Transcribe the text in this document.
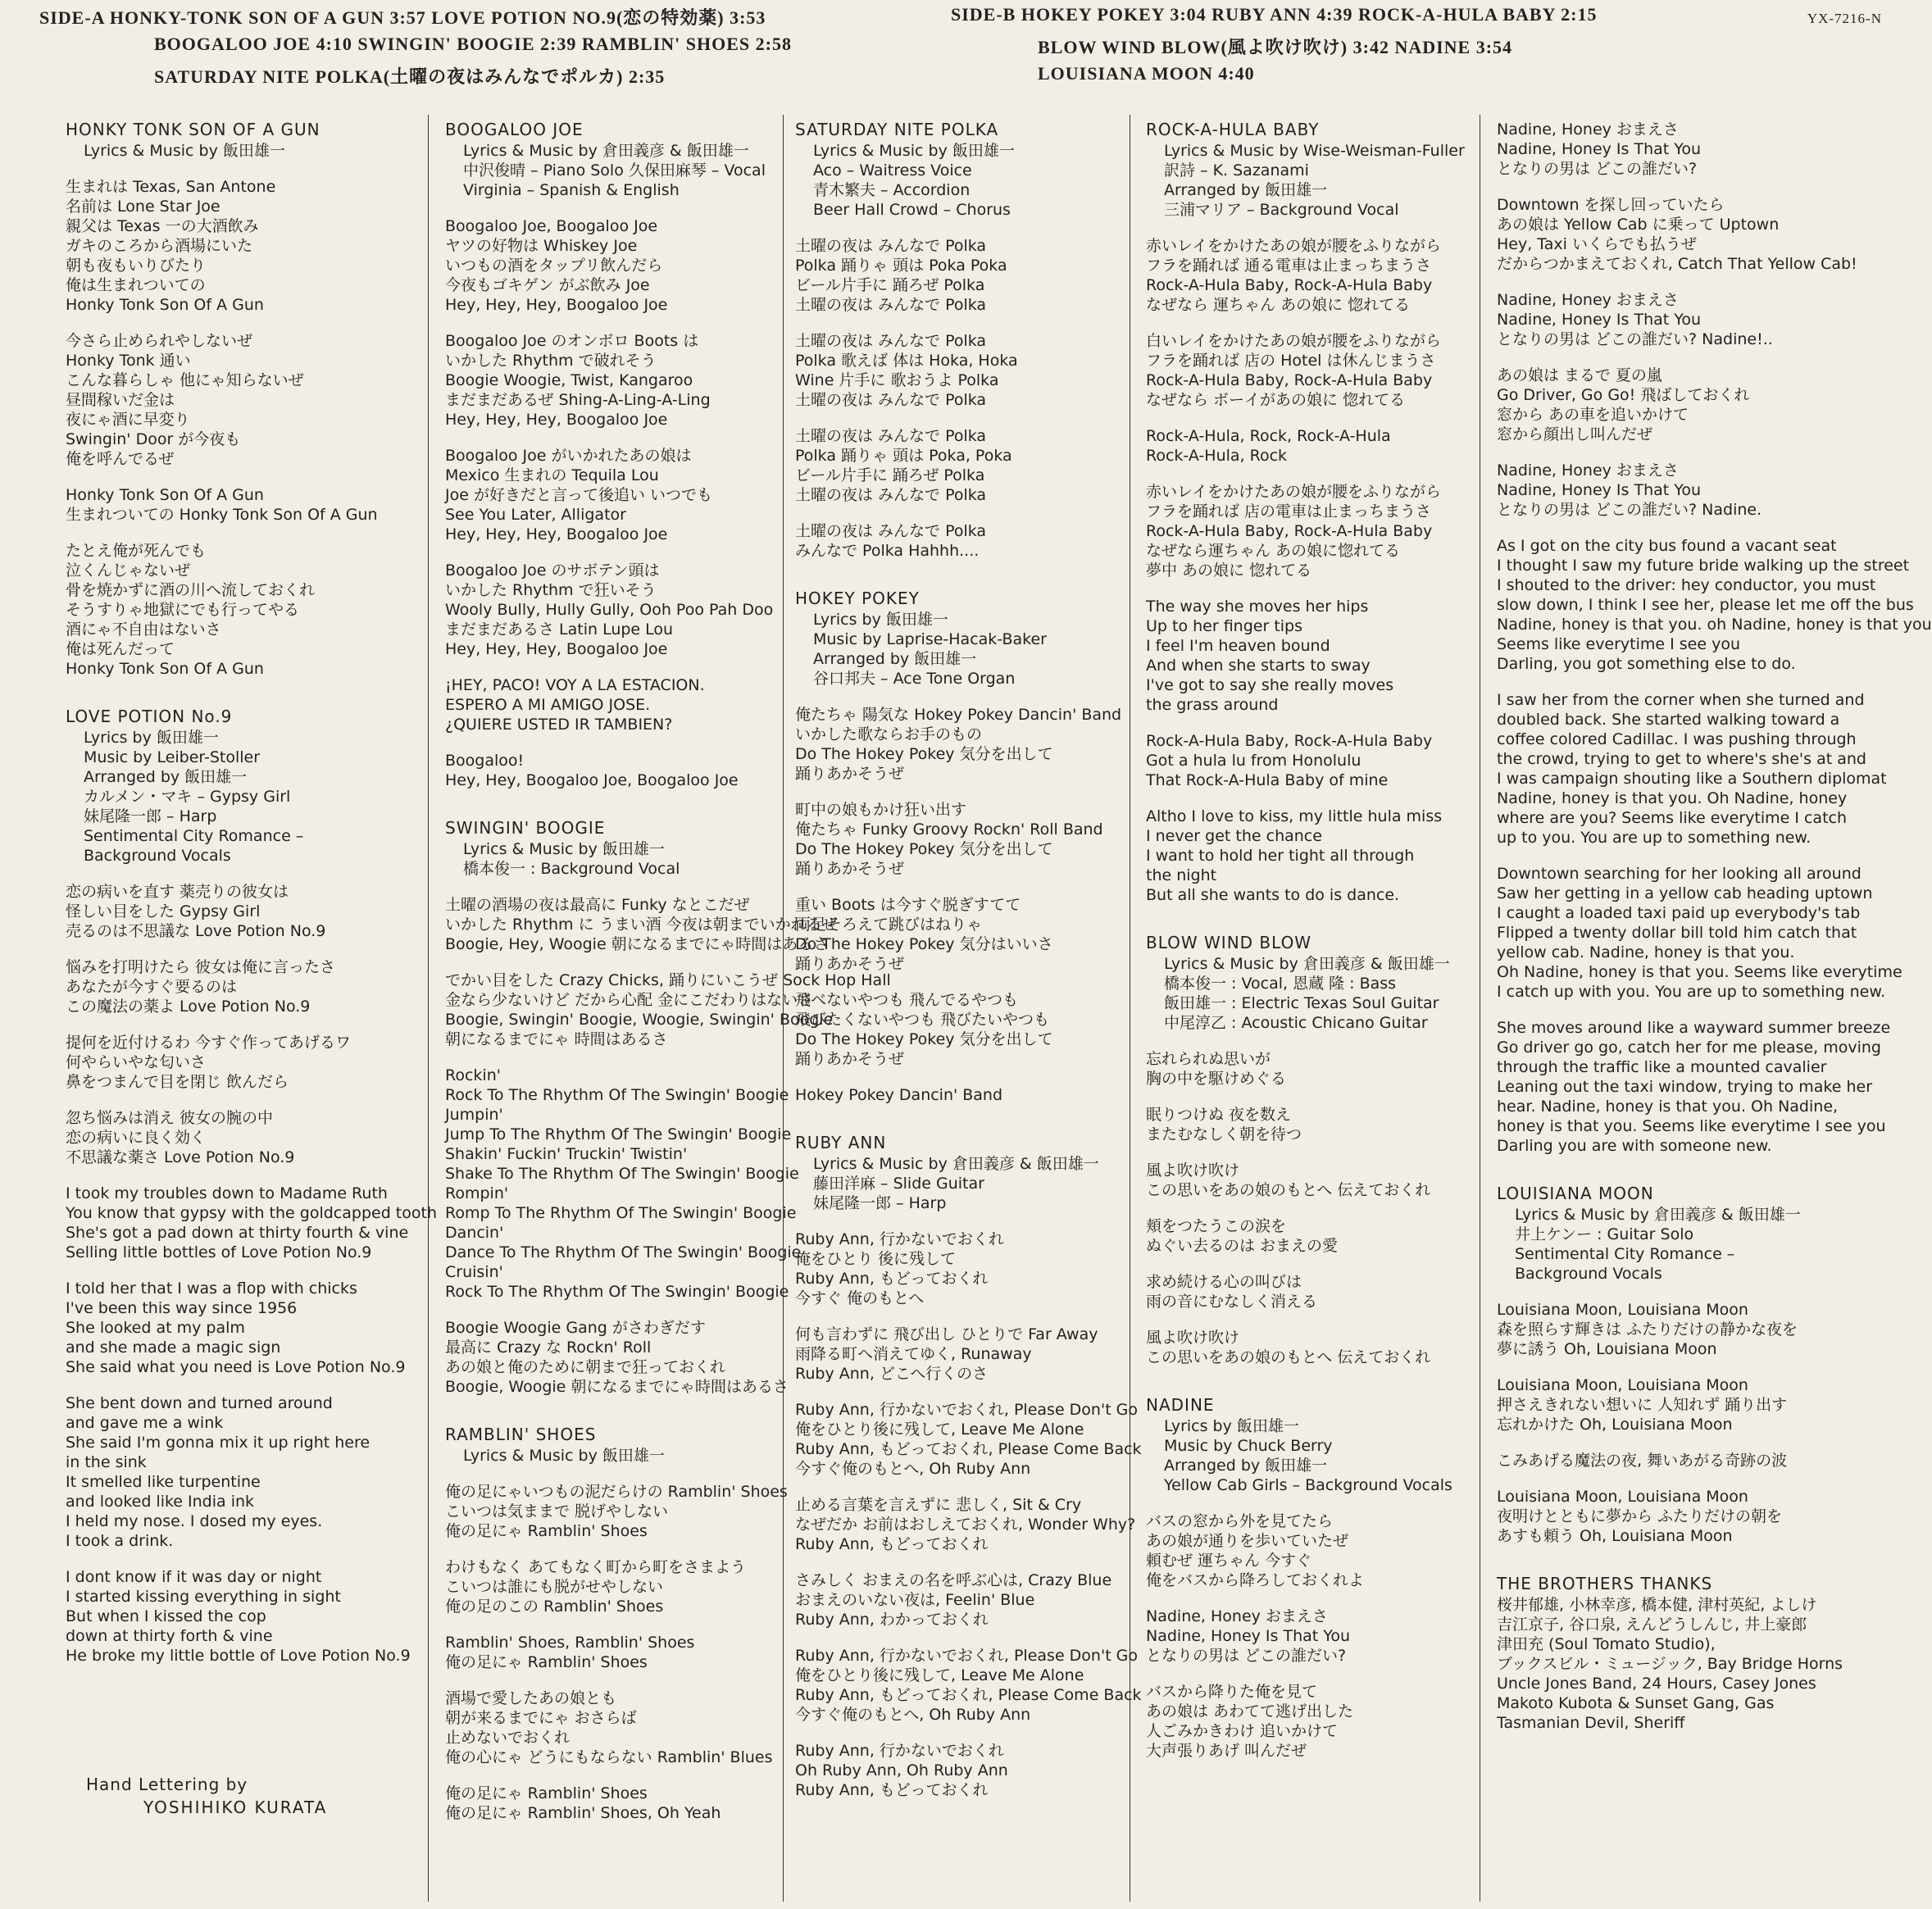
SIDE-A HONKY-TONK SON OF A GUN 3:57 LOVE POTION NO.9(恋の特効薬) 3:53
BOOGALOO JOE 4:10 SWINGIN' BOOGIE 2:39 RAMBLIN' SHOES 2:58
SATURDAY NITE POLKA(土曜の夜はみんなでポルカ) 2:35
SIDE-B HOKEY POKEY 3:04 RUBY ANN 4:39 ROCK-A-HULA BABY 2:15
BLOW WIND BLOW(風よ吹け吹け) 3:42 NADINE 3:54
LOUISIANA MOON 4:40
YX-7216-N
HONKY TONK SON OF A GUN
Lyrics & Music by 飯田雄一
生まれは Texas, San Antone
名前は Lone Star Joe
親父は Texas 一の大酒飲み
ガキのころから酒場にいた
朝も夜もいりびたり
俺は生まれついての
Honky Tonk Son Of A Gun
今さら止められやしないぜ
Honky Tonk 通い
こんな暮らしゃ 他にゃ知らないぜ
昼間稼いだ金は
夜にゃ酒に早変り
Swingin' Door が今夜も
俺を呼んでるぜ
Honky Tonk Son Of A Gun
生まれついての Honky Tonk Son Of A Gun
たとえ俺が死んでも
泣くんじゃないぜ
骨を焼かずに酒の川へ流しておくれ
そうすりゃ地獄にでも行ってやる
酒にゃ不自由はないさ
俺は死んだって
Honky Tonk Son Of A Gun
LOVE POTION No.9
Lyrics by 飯田雄一
Music by Leiber-Stoller
Arranged by 飯田雄一
カルメン・マキ – Gypsy Girl
妹尾隆一郎 – Harp
Sentimental City Romance –
Background Vocals
恋の病いを直す 薬売りの彼女は
怪しい目をした Gypsy Girl
売るのは不思議な Love Potion No.9
悩みを打明けたら 彼女は俺に言ったさ
あなたが今すぐ要るのは
この魔法の薬よ Love Potion No.9
提何を近付けるわ 今すぐ作ってあげるワ
何やらいやな匂いさ
鼻をつまんで目を閉じ 飲んだら
忽ち悩みは消え 彼女の腕の中
恋の病いに良く効く
不思議な薬さ Love Potion No.9
I took my troubles down to Madame Ruth
You know that gypsy with the goldcapped tooth
She's got a pad down at thirty fourth & vine
Selling little bottles of Love Potion No.9
I told her that I was a flop with chicks
I've been this way since 1956
She looked at my palm
and she made a magic sign
She said what you need is Love Potion No.9
She bent down and turned around
and gave me a wink
She said I'm gonna mix it up right here
in the sink
It smelled like turpentine
and looked like India ink
I held my nose. I dosed my eyes.
I took a drink.
I dont know if it was day or night
I started kissing everything in sight
But when I kissed the cop
down at thirty forth & vine
He broke my little bottle of Love Potion No.9
BOOGALOO JOE
Lyrics & Music by 倉田義彦 & 飯田雄一
中沢俊晴 – Piano Solo 久保田麻琴 – Vocal
Virginia – Spanish & English
Boogaloo Joe, Boogaloo Joe
ヤツの好物は Whiskey Joe
いつもの酒をタップリ飲んだら
今夜もゴキゲン がぶ飲み Joe
Hey, Hey, Hey, Boogaloo Joe
Boogaloo Joe のオンボロ Boots は
いかした Rhythm で破れそう
Boogie Woogie, Twist, Kangaroo
まだまだあるぜ Shing-A-Ling-A-Ling
Hey, Hey, Hey, Boogaloo Joe
Boogaloo Joe がいかれたあの娘は
Mexico 生まれの Tequila Lou
Joe が好きだと言って後追い いつでも
See You Later, Alligator
Hey, Hey, Hey, Boogaloo Joe
Boogaloo Joe のサボテン頭は
いかした Rhythm で狂いそう
Wooly Bully, Hully Gully, Ooh Poo Pah Doo
まだまだあるさ Latin Lupe Lou
Hey, Hey, Hey, Boogaloo Joe
¡HEY, PACO! VOY A LA ESTACION.
ESPERO A MI AMIGO JOSE.
¿QUIERE USTED IR TAMBIEN?
Boogaloo!
Hey, Hey, Boogaloo Joe, Boogaloo Joe
SWINGIN' BOOGIE
Lyrics & Music by 飯田雄一
橋本俊一 : Background Vocal
土曜の酒場の夜は最高に Funky なとこだぜ
いかした Rhythm に うまい酒 今夜は朝までいかれるぜ
Boogie, Hey, Woogie 朝になるまでにゃ時間はあるさ
でかい目をした Crazy Chicks, 踊りにいこうぜ Sock Hop Hall
金なら少ないけど だから心配 金にこだわりはないさ
Boogie, Swingin' Boogie, Woogie, Swingin' Boogie
朝になるまでにゃ 時間はあるさ
Rockin'
Rock To The Rhythm Of The Swingin' Boogie
Jumpin'
Jump To The Rhythm Of The Swingin' Boogie
Shakin' Fuckin' Truckin' Twistin'
Shake To The Rhythm Of The Swingin' Boogie
Rompin'
Romp To The Rhythm Of The Swingin' Boogie
Dancin'
Dance To The Rhythm Of The Swingin' Boogie
Cruisin'
Rock To The Rhythm Of The Swingin' Boogie
Boogie Woogie Gang がさわぎだす
最高に Crazy な Rockn' Roll
あの娘と俺のために朝まで狂っておくれ
Boogie, Woogie 朝になるまでにゃ時間はあるさ
RAMBLIN' SHOES
Lyrics & Music by 飯田雄一
俺の足にゃいつもの泥だらけの Ramblin' Shoes
こいつは気ままで 脱げやしない
俺の足にゃ Ramblin' Shoes
わけもなく あてもなく町から町をさまよう
こいつは誰にも脱がせやしない
俺の足のこの Ramblin' Shoes
Ramblin' Shoes, Ramblin' Shoes
俺の足にゃ Ramblin' Shoes
酒場で愛したあの娘とも
朝が来るまでにゃ おさらば
止めないでおくれ
俺の心にゃ どうにもならない Ramblin' Blues
俺の足にゃ Ramblin' Shoes
俺の足にゃ Ramblin' Shoes, Oh Yeah
SATURDAY NITE POLKA
Lyrics & Music by 飯田雄一
Aco – Waitress Voice
青木繁夫 – Accordion
Beer Hall Crowd – Chorus
土曜の夜は みんなで Polka
Polka 踊りゃ 頭は Poka Poka
ビール片手に 踊ろぜ Polka
土曜の夜は みんなで Polka
土曜の夜は みんなで Polka
Polka 歌えば 体は Hoka, Hoka
Wine 片手に 歌おうよ Polka
土曜の夜は みんなで Polka
土曜の夜は みんなで Polka
Polka 踊りゃ 頭は Poka, Poka
ビール片手に 踊ろぜ Polka
土曜の夜は みんなで Polka
土曜の夜は みんなで Polka
みんなで Polka Hahhh....
HOKEY POKEY
Lyrics by 飯田雄一
Music by Laprise-Hacak-Baker
Arranged by 飯田雄一
谷口邦夫 – Ace Tone Organ
俺たちゃ 陽気な Hokey Pokey Dancin' Band
いかした歌ならお手のもの
Do The Hokey Pokey 気分を出して
踊りあかそうぜ
町中の娘もかけ狂い出す
俺たちゃ Funky Groovy Rockn' Roll Band
Do The Hokey Pokey 気分を出して
踊りあかそうぜ
重い Boots は今すぐ脱ぎすてて
両足そろえて跳びはねりゃ
Do The Hokey Pokey 気分はいいさ
踊りあかそうぜ
飛べないやつも 飛んでるやつも
飛びたくないやつも 飛びたいやつも
Do The Hokey Pokey 気分を出して
踊りあかそうぜ
Hokey Pokey Dancin' Band
RUBY ANN
Lyrics & Music by 倉田義彦 & 飯田雄一
藤田洋麻 – Slide Guitar
妹尾隆一郎 – Harp
Ruby Ann, 行かないでおくれ
俺をひとり 後に残して
Ruby Ann, もどっておくれ
今すぐ 俺のもとへ
何も言わずに 飛び出し ひとりで Far Away
雨降る町へ消えてゆく, Runaway
Ruby Ann, どこへ行くのさ
Ruby Ann, 行かないでおくれ, Please Don't Go
俺をひとり後に残して, Leave Me Alone
Ruby Ann, もどっておくれ, Please Come Back
今すぐ俺のもとへ, Oh Ruby Ann
止める言葉を言えずに 悲しく, Sit & Cry
なぜだか お前はおしえておくれ, Wonder Why?
Ruby Ann, もどっておくれ
さみしく おまえの名を呼ぶ心は, Crazy Blue
おまえのいない夜は, Feelin' Blue
Ruby Ann, わかっておくれ
Ruby Ann, 行かないでおくれ, Please Don't Go
俺をひとり後に残して, Leave Me Alone
Ruby Ann, もどっておくれ, Please Come Back
今すぐ俺のもとへ, Oh Ruby Ann
Ruby Ann, 行かないでおくれ
Oh Ruby Ann, Oh Ruby Ann
Ruby Ann, もどっておくれ
ROCK-A-HULA BABY
Lyrics & Music by Wise-Weisman-Fuller
訳詩 – K. Sazanami
Arranged by 飯田雄一
三浦マリア – Background Vocal
赤いレイをかけたあの娘が腰をふりながら
フラを踊れば 通る電車は止まっちまうさ
Rock-A-Hula Baby, Rock-A-Hula Baby
なぜなら 運ちゃん あの娘に 惚れてる
白いレイをかけたあの娘が腰をふりながら
フラを踊れば 店の Hotel は休んじまうさ
Rock-A-Hula Baby, Rock-A-Hula Baby
なぜなら ボーイがあの娘に 惚れてる
Rock-A-Hula, Rock, Rock-A-Hula
Rock-A-Hula, Rock
赤いレイをかけたあの娘が腰をふりながら
フラを踊れば 店の電車は止まっちまうさ
Rock-A-Hula Baby, Rock-A-Hula Baby
なぜなら運ちゃん あの娘に惚れてる
夢中 あの娘に 惚れてる
The way she moves her hips
Up to her finger tips
I feel I'm heaven bound
And when she starts to sway
I've got to say she really moves
the grass around
Rock-A-Hula Baby, Rock-A-Hula Baby
Got a hula lu from Honolulu
That Rock-A-Hula Baby of mine
Altho I love to kiss, my little hula miss
I never get the chance
I want to hold her tight all through
the night
But all she wants to do is dance.
BLOW WIND BLOW
Lyrics & Music by 倉田義彦 & 飯田雄一
橋本俊一 : Vocal, 恩蔵 隆 : Bass
飯田雄一 : Electric Texas Soul Guitar
中尾淳乙 : Acoustic Chicano Guitar
忘れられぬ思いが
胸の中を駆けめぐる
眠りつけぬ 夜を数え
またむなしく朝を待つ
風よ吹け吹け
この思いをあの娘のもとへ 伝えておくれ
頬をつたうこの涙を
ぬぐい去るのは おまえの愛
求め続ける心の叫びは
雨の音にむなしく消える
風よ吹け吹け
この思いをあの娘のもとへ 伝えておくれ
NADINE
Lyrics by 飯田雄一
Music by Chuck Berry
Arranged by 飯田雄一
Yellow Cab Girls – Background Vocals
バスの窓から外を見てたら
あの娘が通りを歩いていたぜ
頼むぜ 運ちゃん 今すぐ
俺をバスから降ろしておくれよ
Nadine, Honey おまえさ
Nadine, Honey Is That You
となりの男は どこの誰だい?
バスから降りた俺を見て
あの娘は あわてて逃げ出した
人ごみかきわけ 追いかけて
大声張りあげ 叫んだぜ
Nadine, Honey おまえさ
Nadine, Honey Is That You
となりの男は どこの誰だい?
Downtown を探し回っていたら
あの娘は Yellow Cab に乗って Uptown
Hey, Taxi いくらでも払うぜ
だからつかまえておくれ, Catch That Yellow Cab!
Nadine, Honey おまえさ
Nadine, Honey Is That You
となりの男は どこの誰だい? Nadine!..
あの娘は まるで 夏の嵐
Go Driver, Go Go! 飛ばしておくれ
窓から あの車を追いかけて
窓から顔出し叫んだぜ
Nadine, Honey おまえさ
Nadine, Honey Is That You
となりの男は どこの誰だい? Nadine.
As I got on the city bus found a vacant seat
I thought I saw my future bride walking up the street
I shouted to the driver: hey conductor, you must
slow down, I think I see her, please let me off the bus
Nadine, honey is that you. oh Nadine, honey is that you
Seems like everytime I see you
Darling, you got something else to do.
I saw her from the corner when she turned and
doubled back. She started walking toward a
coffee colored Cadillac. I was pushing through
the crowd, trying to get to where's she's at and
I was campaign shouting like a Southern diplomat
Nadine, honey is that you. Oh Nadine, honey
where are you? Seems like everytime I catch
up to you. You are up to something new.
Downtown searching for her looking all around
Saw her getting in a yellow cab heading uptown
I caught a loaded taxi paid up everybody's tab
Flipped a twenty dollar bill told him catch that
yellow cab. Nadine, honey is that you.
Oh Nadine, honey is that you. Seems like everytime
I catch up with you. You are up to something new.
She moves around like a wayward summer breeze
Go driver go go, catch her for me please, moving
through the traffic like a mounted cavalier
Leaning out the taxi window, trying to make her
hear. Nadine, honey is that you. Oh Nadine,
honey is that you. Seems like everytime I see you
Darling you are with someone new.
LOUISIANA MOON
Lyrics & Music by 倉田義彦 & 飯田雄一
井上ケンー : Guitar Solo
Sentimental City Romance –
Background Vocals
Louisiana Moon, Louisiana Moon
森を照らす輝きは ふたりだけの静かな夜を
夢に誘う Oh, Louisiana Moon
Louisiana Moon, Louisiana Moon
押さえきれない想いに 人知れず 踊り出す
忘れかけた Oh, Louisiana Moon
こみあげる魔法の夜, 舞いあがる奇跡の波
Louisiana Moon, Louisiana Moon
夜明けとともに夢から ふたりだけの朝を
あすも頼う Oh, Louisiana Moon
THE BROTHERS THANKS
桜井郁雄, 小林幸彦, 橋本健, 津村英紀, よしけ
吉江京子, 谷口泉, えんどうしんじ, 井上豪郎
津田充 (Soul Tomato Studio),
ブックスビル・ミュージック, Bay Bridge Horns
Uncle Jones Band, 24 Hours, Casey Jones
Makoto Kubota & Sunset Gang, Gas
Tasmanian Devil, Sheriff
Hand Lettering by
YOSHIHIKO KURATA
